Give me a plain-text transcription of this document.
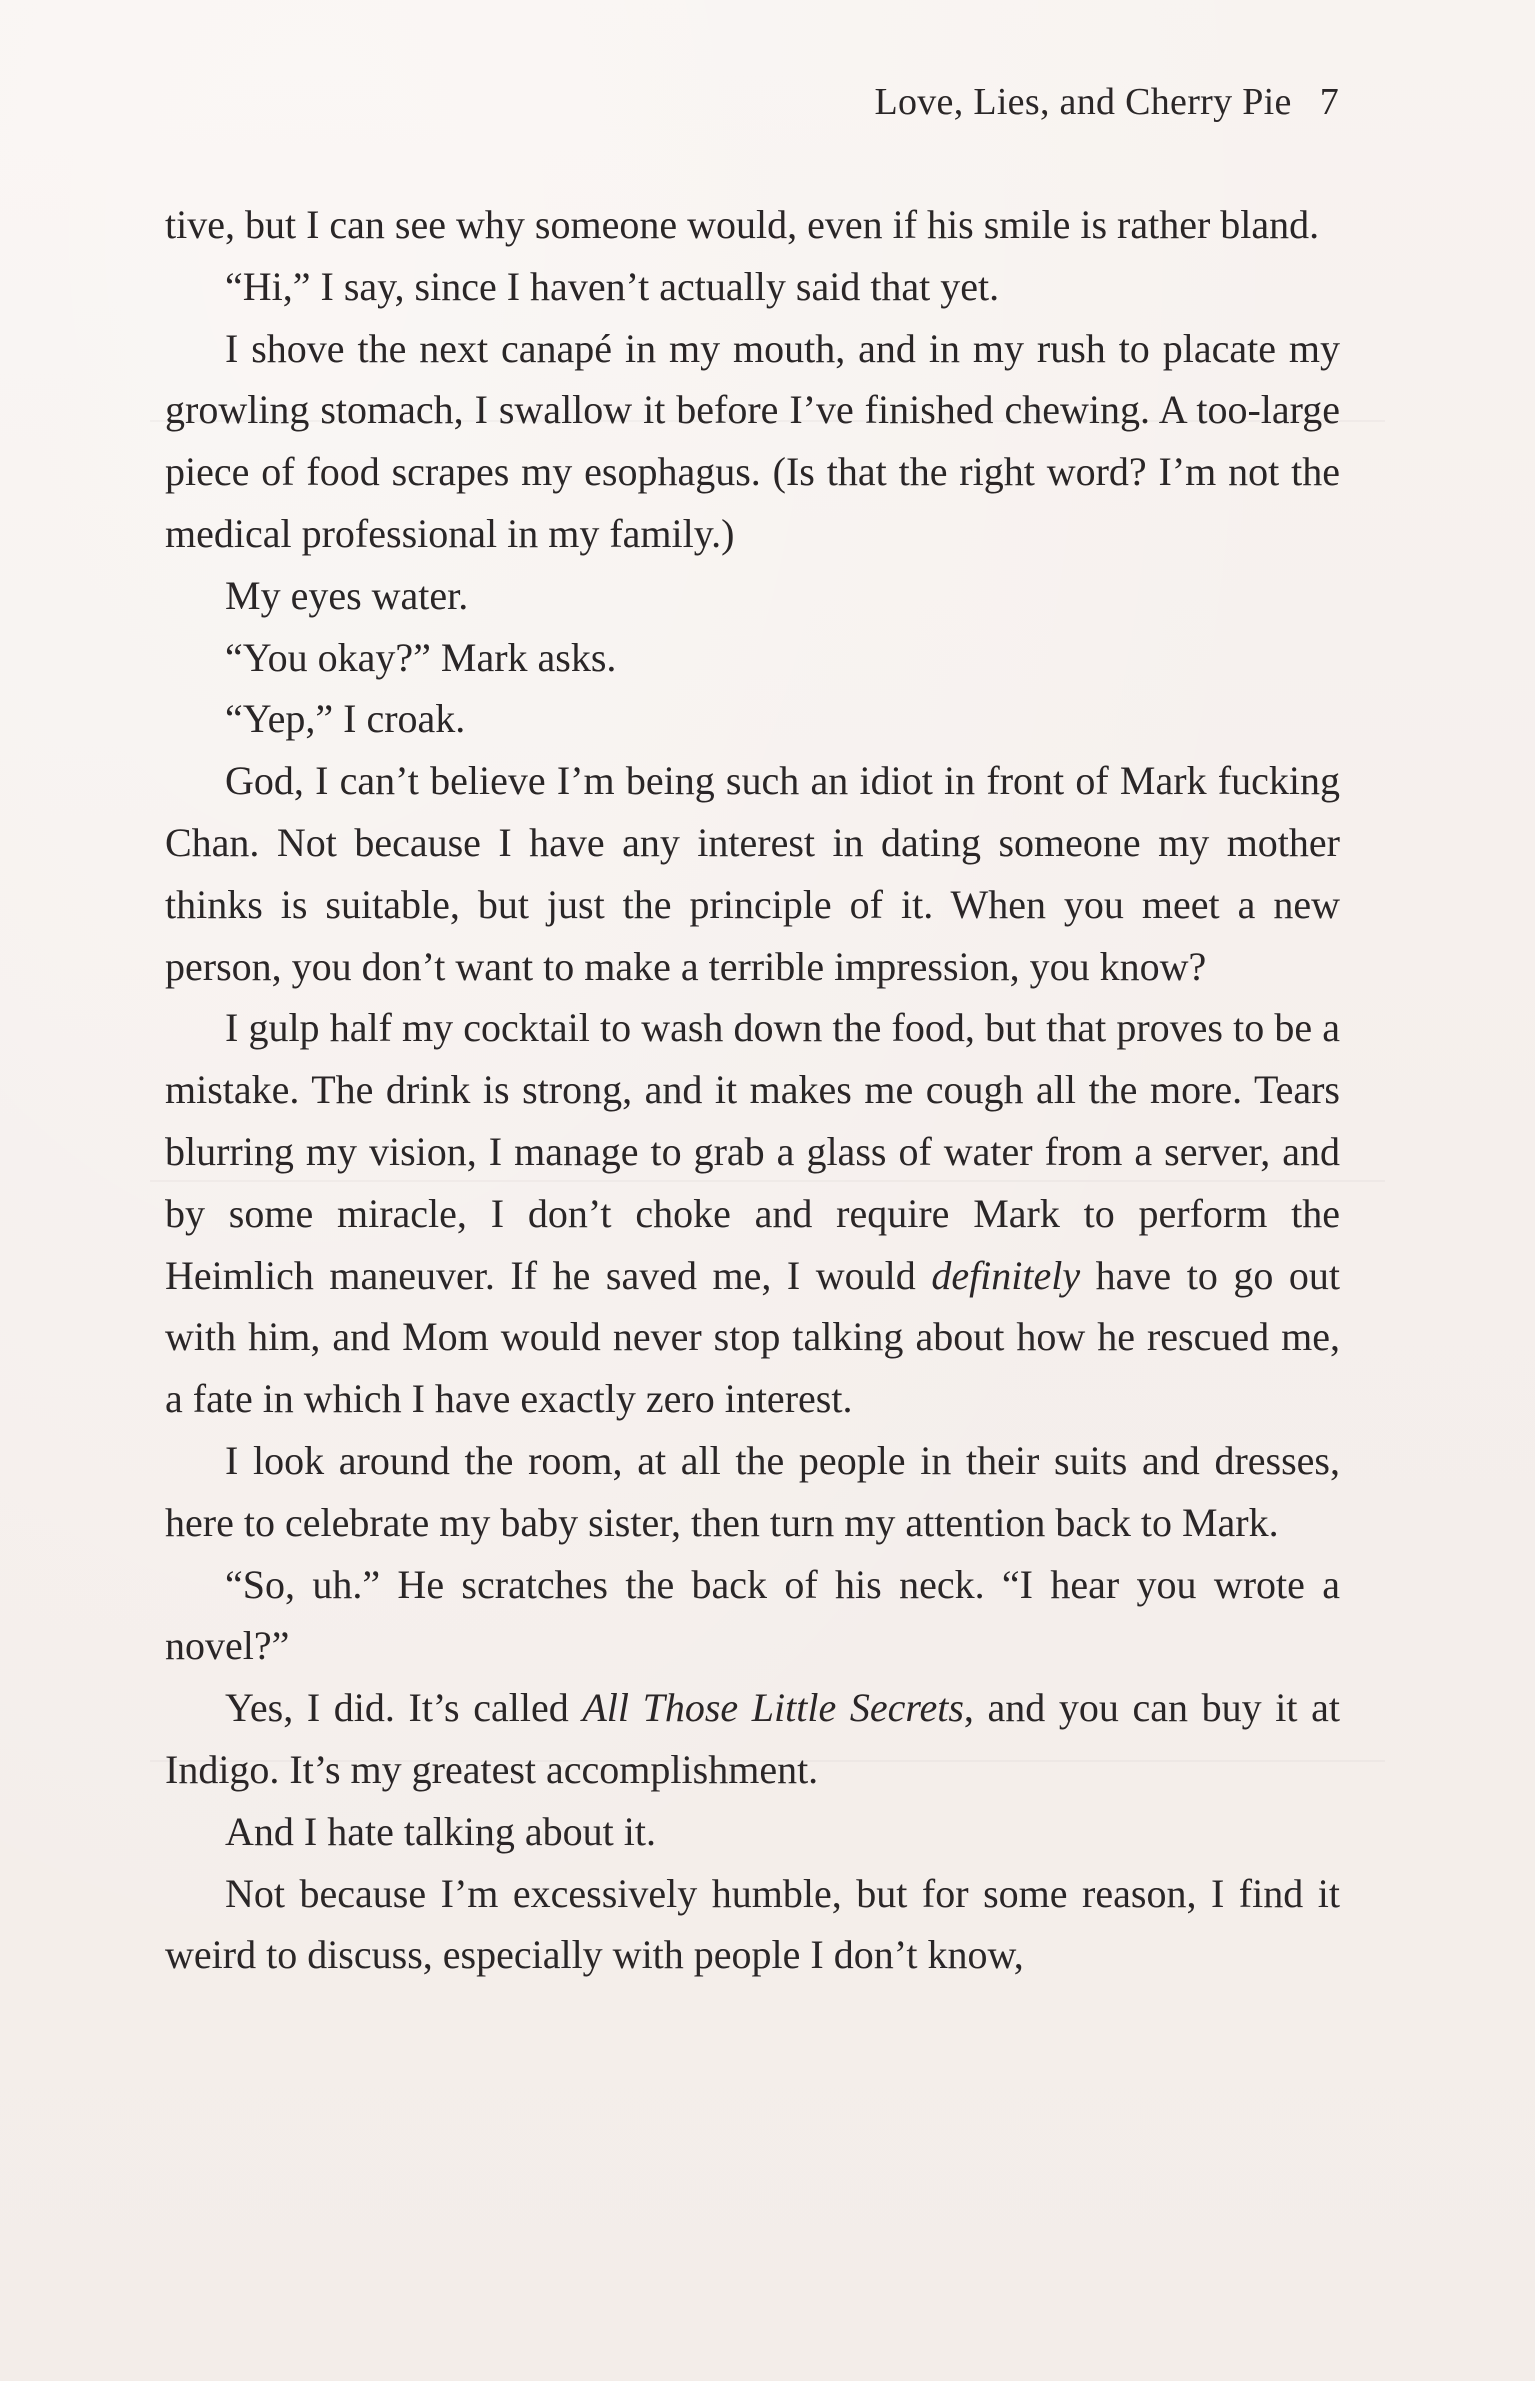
Love, Lies, and Cherry Pie 7

tive, but I can see why someone would, even if his smile is rather bland.

“Hi,” I say, since I haven’t actually said that yet.

I shove the next canapé in my mouth, and in my rush to placate my growling stomach, I swallow it before I’ve finished chewing. A too-large piece of food scrapes my esophagus. (Is that the right word? I’m not the medical professional in my family.)

My eyes water.

“You okay?” Mark asks.

“Yep,” I croak.

God, I can’t believe I’m being such an idiot in front of Mark fucking Chan. Not because I have any interest in dating someone my mother thinks is suitable, but just the principle of it. When you meet a new person, you don’t want to make a terrible impression, you know?

I gulp half my cocktail to wash down the food, but that proves to be a mistake. The drink is strong, and it makes me cough all the more. Tears blurring my vision, I manage to grab a glass of water from a server, and by some miracle, I don’t choke and require Mark to perform the Heimlich maneuver. If he saved me, I would definitely have to go out with him, and Mom would never stop talking about how he rescued me, a fate in which I have exactly zero interest.

I look around the room, at all the people in their suits and dresses, here to celebrate my baby sister, then turn my attention back to Mark.

“So, uh.” He scratches the back of his neck. “I hear you wrote a novel?”

Yes, I did. It’s called All Those Little Secrets, and you can buy it at Indigo. It’s my greatest accomplishment.

And I hate talking about it.

Not because I’m excessively humble, but for some reason, I find it weird to discuss, especially with people I don’t know,
